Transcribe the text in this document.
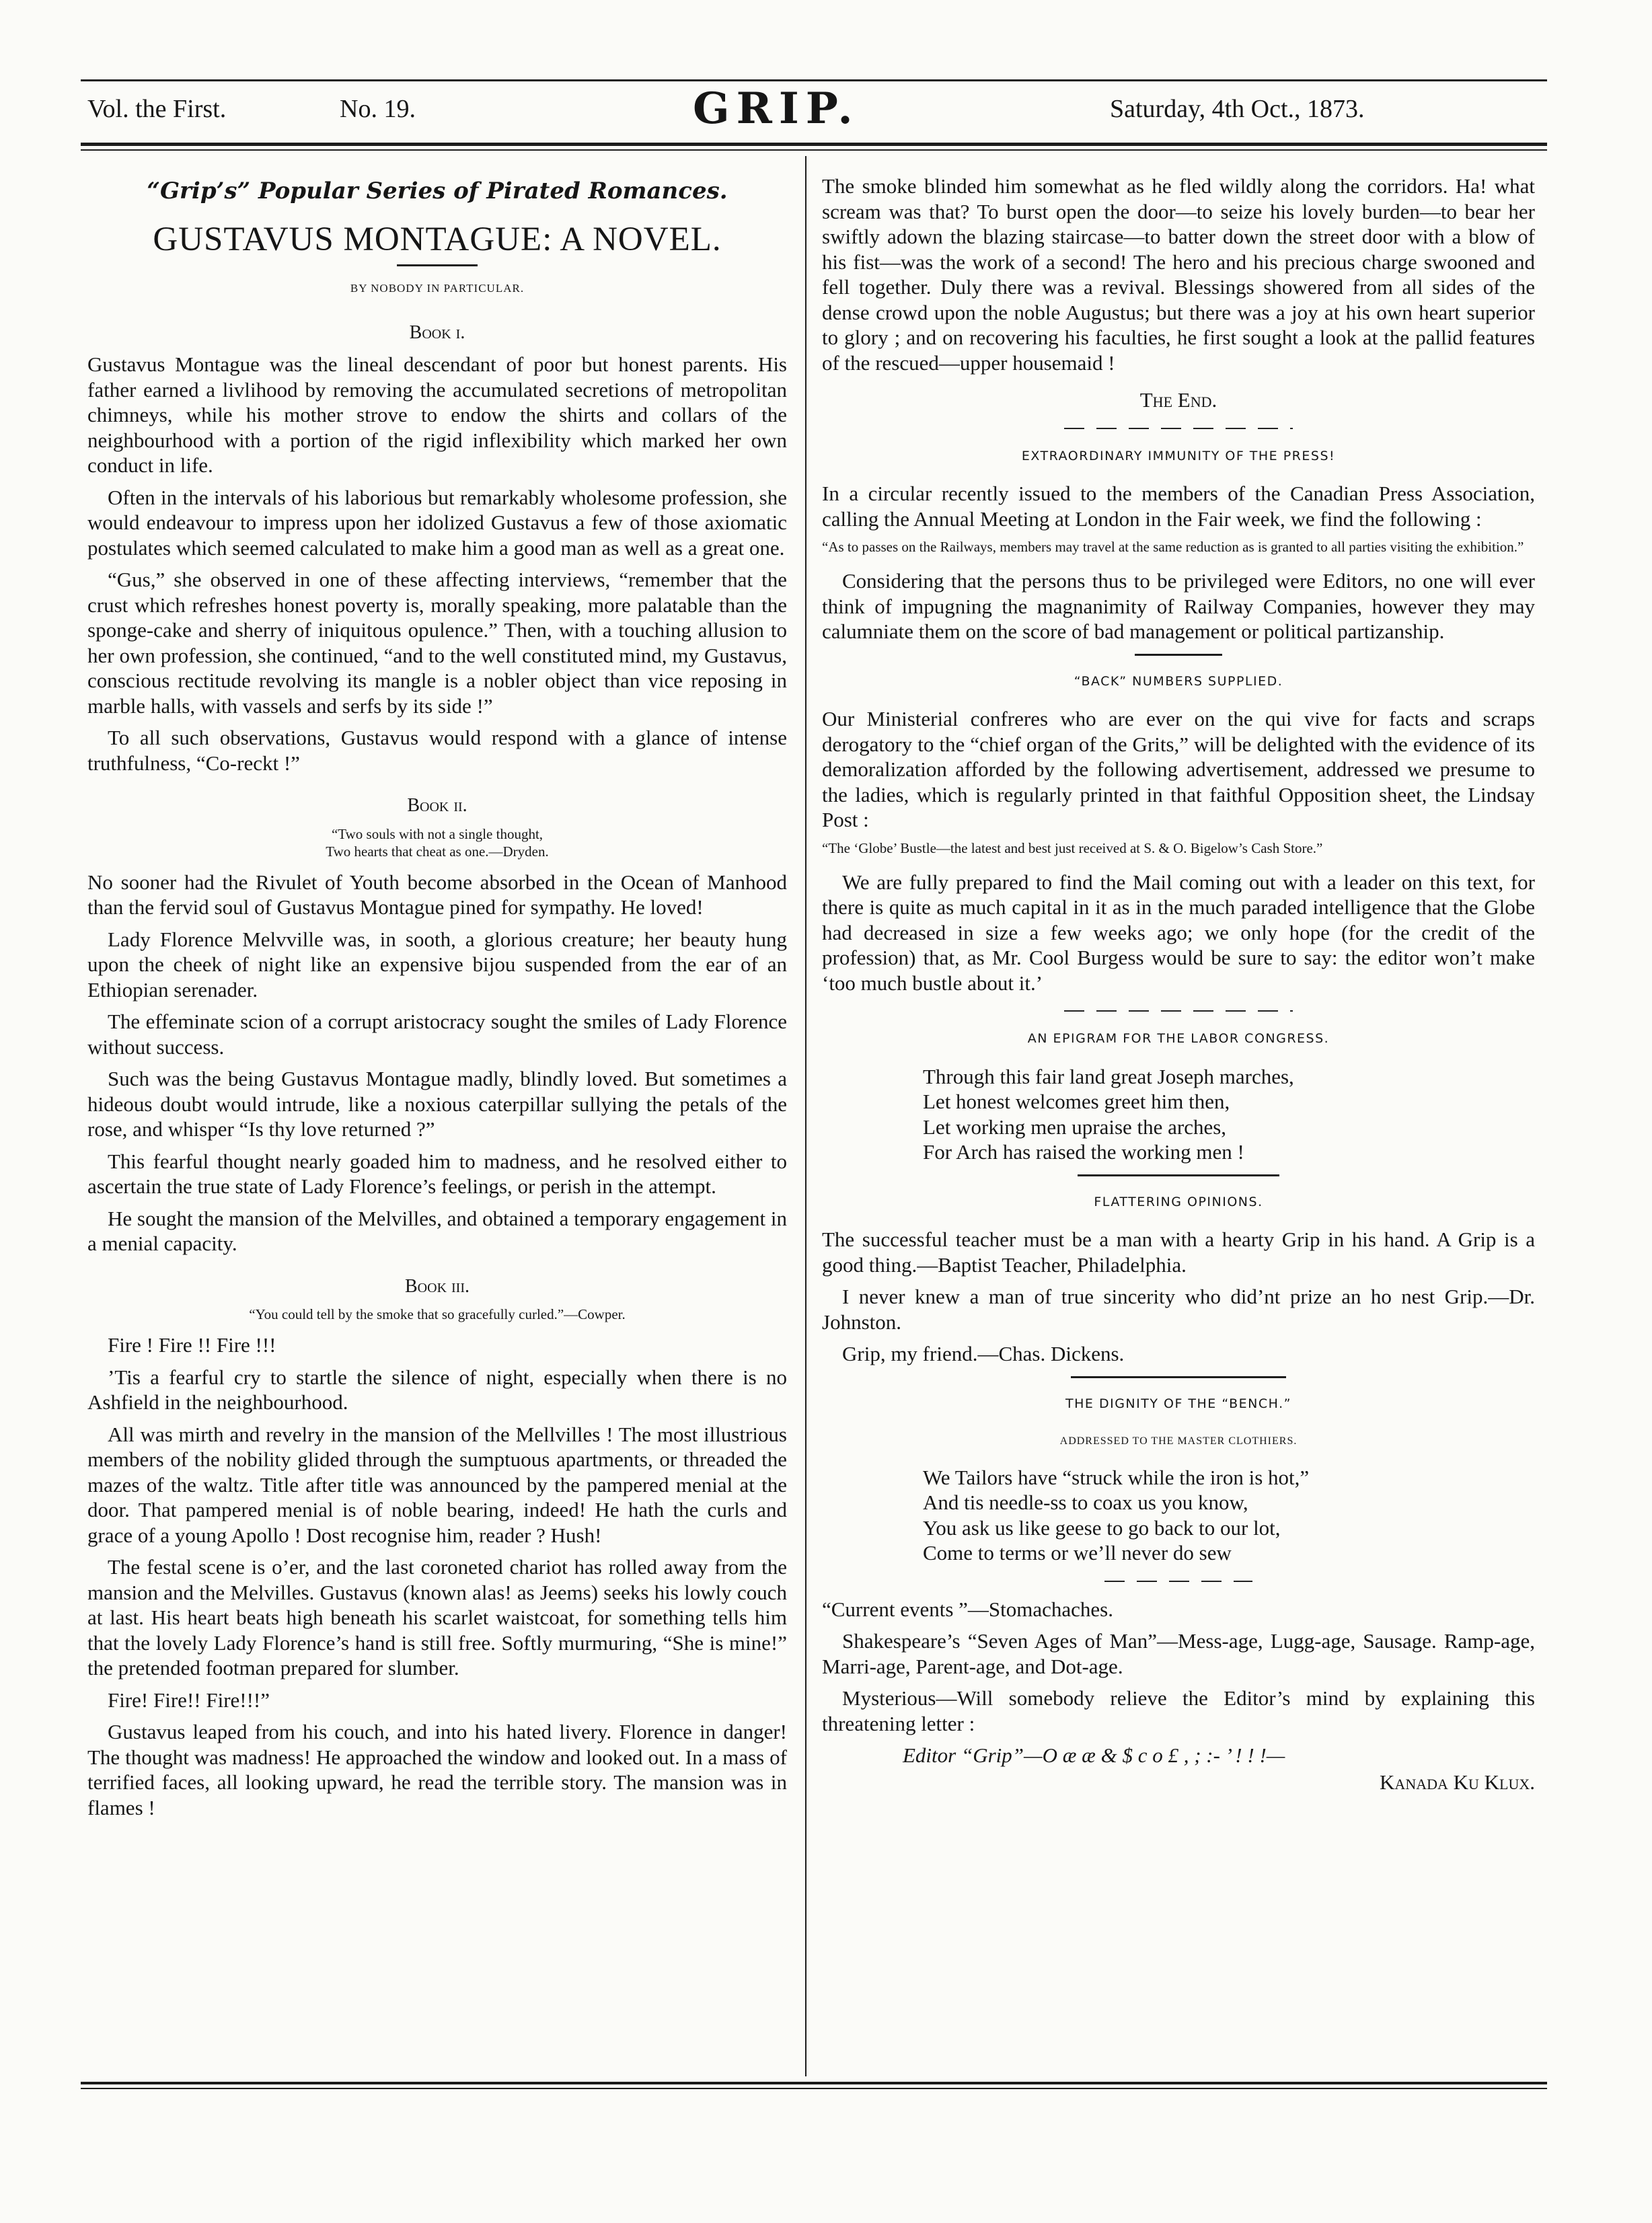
Vol. the First.	No. 19.	GRIP.	Saturday, 4th Oct., 1873.
“Grip’s” Popular Series of Pirated Romances.
GUSTAVUS MONTAGUE: A NOVEL.
BY NOBODY IN PARTICULAR.
Book i.

Gustavus Montague was the lineal descendant of poor but honest parents. His father earned a livlihood by removing the accumulated secretions of metropolitan chimneys, while his mother strove to endow the shirts and collars of the neighbourhood with a portion of the rigid inflexibility which marked her own conduct in life.

Often in the intervals of his laborious but remarkably wholesome profession, she would endeavour to impress upon her idolized Gustavus a few of those axiomatic postulates which seemed calculated to make him a good man as well as a great one.

“Gus,” she observed in one of these affecting interviews, “remember that the crust which refreshes honest poverty is, morally speaking, more palatable than the sponge-cake and sherry of iniquitous opulence.” Then, with a touching allusion to her own profession, she continued, “and to the well constituted mind, my Gustavus, conscious rectitude revolving its mangle is a nobler object than vice reposing in marble halls, with vassels and serfs by its side !”

To all such observations, Gustavus would respond with a glance of intense truthfulness, “Co-reckt !”

Book ii.
“Two souls with not a single thought,
Two hearts that cheat as one.—Dryden.

No sooner had the Rivulet of Youth become absorbed in the Ocean of Manhood than the fervid soul of Gustavus Montague pined for sympathy. He loved!

Lady Florence Melvville was, in sooth, a glorious creature; her beauty hung upon the cheek of night like an expensive bijou suspended from the ear of an Ethiopian serenader.

The effeminate scion of a corrupt aristocracy sought the smiles of Lady Florence without success.

Such was the being Gustavus Montague madly, blindly loved. But sometimes a hideous doubt would intrude, like a noxious caterpillar sullying the petals of the rose, and whisper “Is thy love returned ?”

This fearful thought nearly goaded him to madness, and he resolved either to ascertain the true state of Lady Florence’s feelings, or perish in the attempt.

He sought the mansion of the Melvilles, and obtained a temporary engagement in a menial capacity.

Book iii.
“You could tell by the smoke that so gracefully curled.”—Cowper.

Fire ! Fire !! Fire !!!

’Tis a fearful cry to startle the silence of night, especially when there is no Ashfield in the neighbourhood.

All was mirth and revelry in the mansion of the Mellvilles ! The most illustrious members of the nobility glided through the sumptuous apartments, or threaded the mazes of the waltz. Title after title was announced by the pampered menial at the door. That pampered menial is of noble bearing, indeed! He hath the curls and grace of a young Apollo ! Dost recognise him, reader ? Hush!

The festal scene is o’er, and the last coroneted chariot has rolled away from the mansion and the Melvilles. Gustavus (known alas! as Jeems) seeks his lowly couch at last. His heart beats high beneath his scarlet waistcoat, for something tells him that the lovely Lady Florence’s hand is still free. Softly murmuring, “She is mine!” the pretended footman prepared for slumber.

Fire! Fire!! Fire!!!”

Gustavus leaped from his couch, and into his hated livery. Florence in danger! The thought was madness! He approached the window and looked out. In a mass of terrified faces, all looking upward, he read the terrible story. The mansion was in flames !

The smoke blinded him somewhat as he fled wildly along the corridors. Ha! what scream was that? To burst open the door—to seize his lovely burden—to bear her swiftly adown the blazing staircase—to batter down the street door with a blow of his fist—was the work of a second! The hero and his precious charge swooned and fell together. Duly there was a revival. Blessings showered from all sides of the dense crowd upon the noble Augustus; but there was a joy at his own heart superior to glory ; and on recovering his faculties, he first sought a look at the pallid features of the rescued—upper housemaid !

The End.
EXTRAORDINARY IMMUNITY OF THE PRESS!

In a circular recently issued to the members of the Canadian Press Association, calling the Annual Meeting at London in the Fair week, we find the following :

“As to passes on the Railways, members may travel at the same reduction as is granted to all parties visiting the exhibition.”

Considering that the persons thus to be privileged were Editors, no one will ever think of impugning the magnanimity of Railway Companies, however they may calumniate them on the score of bad management or political partizanship.

“BACK” NUMBERS SUPPLIED.

Our Ministerial confreres who are ever on the qui vive for facts and scraps derogatory to the “chief organ of the Grits,” will be delighted with the evidence of its demoralization afforded by the following advertisement, addressed we presume to the ladies, which is regularly printed in that faithful Opposition sheet, the Lindsay Post :

“The ‘Globe’ Bustle—the latest and best just received at S. & O. Bigelow’s Cash Store.”

We are fully prepared to find the Mail coming out with a leader on this text, for there is quite as much capital in it as in the much paraded intelligence that the Globe had decreased in size a few weeks ago; we only hope (for the credit of the profession) that, as Mr. Cool Burgess would be sure to say: the editor won’t make ‘too much bustle about it.’

AN EPIGRAM FOR THE LABOR CONGRESS.
Through this fair land great Joseph marches,
Let honest welcomes greet him then,
Let working men upraise the arches,
For Arch has raised the working men !
FLATTERING OPINIONS.

The successful teacher must be a man with a hearty Grip in his hand. A Grip is a good thing.—Baptist Teacher, Philadelphia.

I never knew a man of true sincerity who did’nt prize an ho nest Grip.—Dr. Johnston.

Grip, my friend.—Chas. Dickens.

THE DIGNITY OF THE “BENCH.”
ADDRESSED TO THE MASTER CLOTHIERS.
We Tailors have “struck while the iron is hot,”
And tis needle-ss to coax us you know,
You ask us like geese to go back to our lot,
Come to terms or we’ll never do sew

“Current events ”—Stomachaches.

Shakespeare’s “Seven Ages of Man”—Mess-age, Lugg-age, Sausage. Ramp-age, Marri-age, Parent-age, and Dot-age.

Mysterious—Will somebody relieve the Editor’s mind by explaining this threatening letter :

Editor “Grip”—O æ æ & $ c o £ , ; :- ’ ! ! !—
Kanada Ku Klux.
